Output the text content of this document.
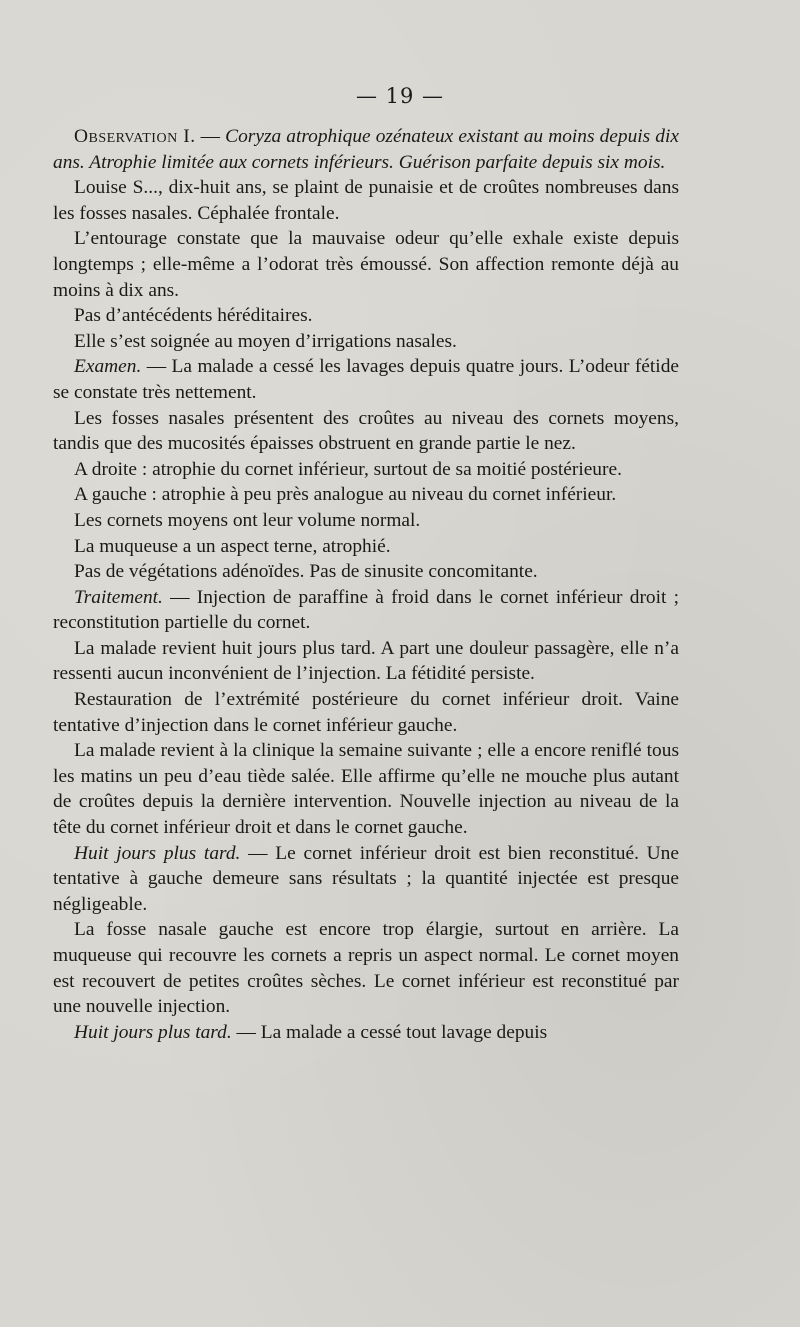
— 19 —

Observation I. — Coryza atrophique ozénateux existant au moins depuis dix ans. Atrophie limitée aux cornets inférieurs. Guérison parfaite depuis six mois.

Louise S..., dix-huit ans, se plaint de punaisie et de croûtes nombreuses dans les fosses nasales. Céphalée frontale.

L’entourage constate que la mauvaise odeur qu’elle exhale existe depuis longtemps ; elle-même a l’odorat très émoussé. Son affection remonte déjà au moins à dix ans.

Pas d’antécédents héréditaires.

Elle s’est soignée au moyen d’irrigations nasales.

Examen. — La malade a cessé les lavages depuis quatre jours. L’odeur fétide se constate très nettement.

Les fosses nasales présentent des croûtes au niveau des cornets moyens, tandis que des mucosités épaisses obstruent en grande partie le nez.

A droite : atrophie du cornet inférieur, surtout de sa moitié postérieure.

A gauche : atrophie à peu près analogue au niveau du cornet inférieur.

Les cornets moyens ont leur volume normal.

La muqueuse a un aspect terne, atrophié.

Pas de végétations adénoïdes. Pas de sinusite concomitante.

Traitement. — Injection de paraffine à froid dans le cornet inférieur droit ; reconstitution partielle du cornet.

La malade revient huit jours plus tard. A part une douleur passagère, elle n’a ressenti aucun inconvénient de l’injection. La fétidité persiste.

Restauration de l’extrémité postérieure du cornet inférieur droit. Vaine tentative d’injection dans le cornet inférieur gauche.

La malade revient à la clinique la semaine suivante ; elle a encore reniflé tous les matins un peu d’eau tiède salée. Elle affirme qu’elle ne mouche plus autant de croûtes depuis la dernière intervention. Nouvelle injection au niveau de la tête du cornet inférieur droit et dans le cornet gauche.

Huit jours plus tard. — Le cornet inférieur droit est bien reconstitué. Une tentative à gauche demeure sans résultats ; la quantité injectée est presque négligeable.

La fosse nasale gauche est encore trop élargie, surtout en arrière. La muqueuse qui recouvre les cornets a repris un aspect normal. Le cornet moyen est recouvert de petites croûtes sèches. Le cornet inférieur est reconstitué par une nouvelle injection.

Huit jours plus tard. — La malade a cessé tout lavage depuis
